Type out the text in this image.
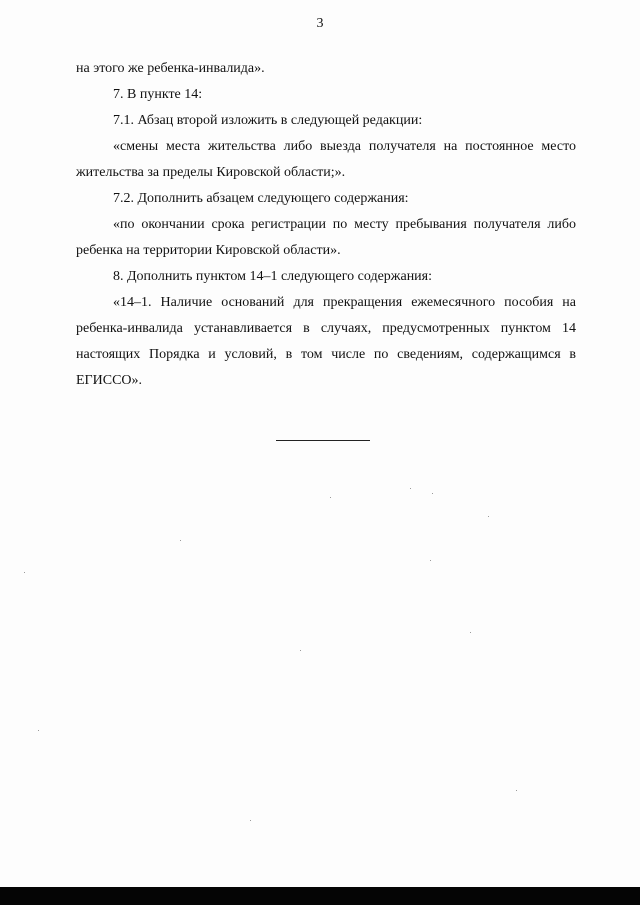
3

на этого же ребенка-инвалида».

7. В пункте 14:

7.1. Абзац второй изложить в следующей редакции:

«смены места жительства либо выезда получателя на постоянное место жительства за пределы Кировской области;».

7.2. Дополнить абзацем следующего содержания:

«по окончании срока регистрации по месту пребывания получателя либо ребенка на территории Кировской области».

8. Дополнить пунктом 14–1 следующего содержания:

«14–1. Наличие оснований для прекращения ежемесячного пособия на ребенка-инвалида устанавливается в случаях, предусмотренных пунктом 14 настоящих Порядка и условий, в том числе по сведениям, содержащимся в ЕГИССО».
